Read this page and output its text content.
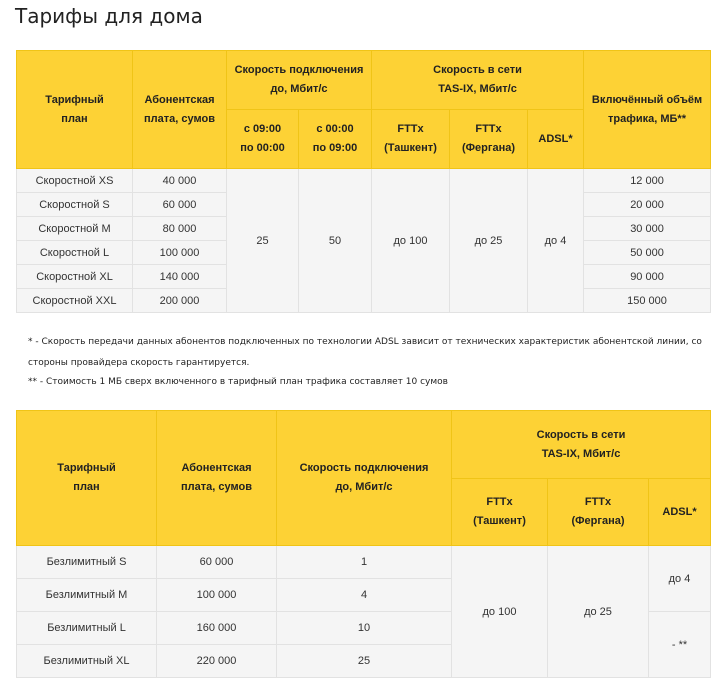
Тарифы для дома
Тарифный
план	Абонентская
плата, сумов	Скорость подключения
до, Мбит/с		Скорость в сети
TAS-IX, Мбит/с			Включённый объём
трафика, МБ**

		с 09:00
по 00:00	с 00:00
по 09:00	FTTx
(Ташкент)	FTTx
(Фергана)	ADSL*	
Скоростной XS	40 000	25	50	до 100	до 25	до 4	12 000
Скоростной S	60 000						20 000
Скоростной M	80 000						30 000
Скоростной L	100 000						50 000
Скоростной XL	140 000						90 000
Скоростной XXL	200 000						150 000

* - Скорость передачи данных абонентов подключенных по технологии ADSL зависит от технических характеристик абонентской линии, со стороны провайдера скорость гарантируется.

** - Стоимость 1 МБ сверх включенного в тарифный план трафика составляет 10 сумов

Тарифный
план	Абонентская
плата, сумов	Скорость подключения
до, Мбит/с	Скорость в сети
TAS-IX, Мбит/с		

			FTTx
(Ташкент)	FTTx
(Фергана)	ADSL*
Безлимитный S	60 000	1	до 100	до 25	до 4
Безлимитный M	100 000	4			
Безлимитный L	160 000	10			- **
Безлимитный XL	220 000	25			
